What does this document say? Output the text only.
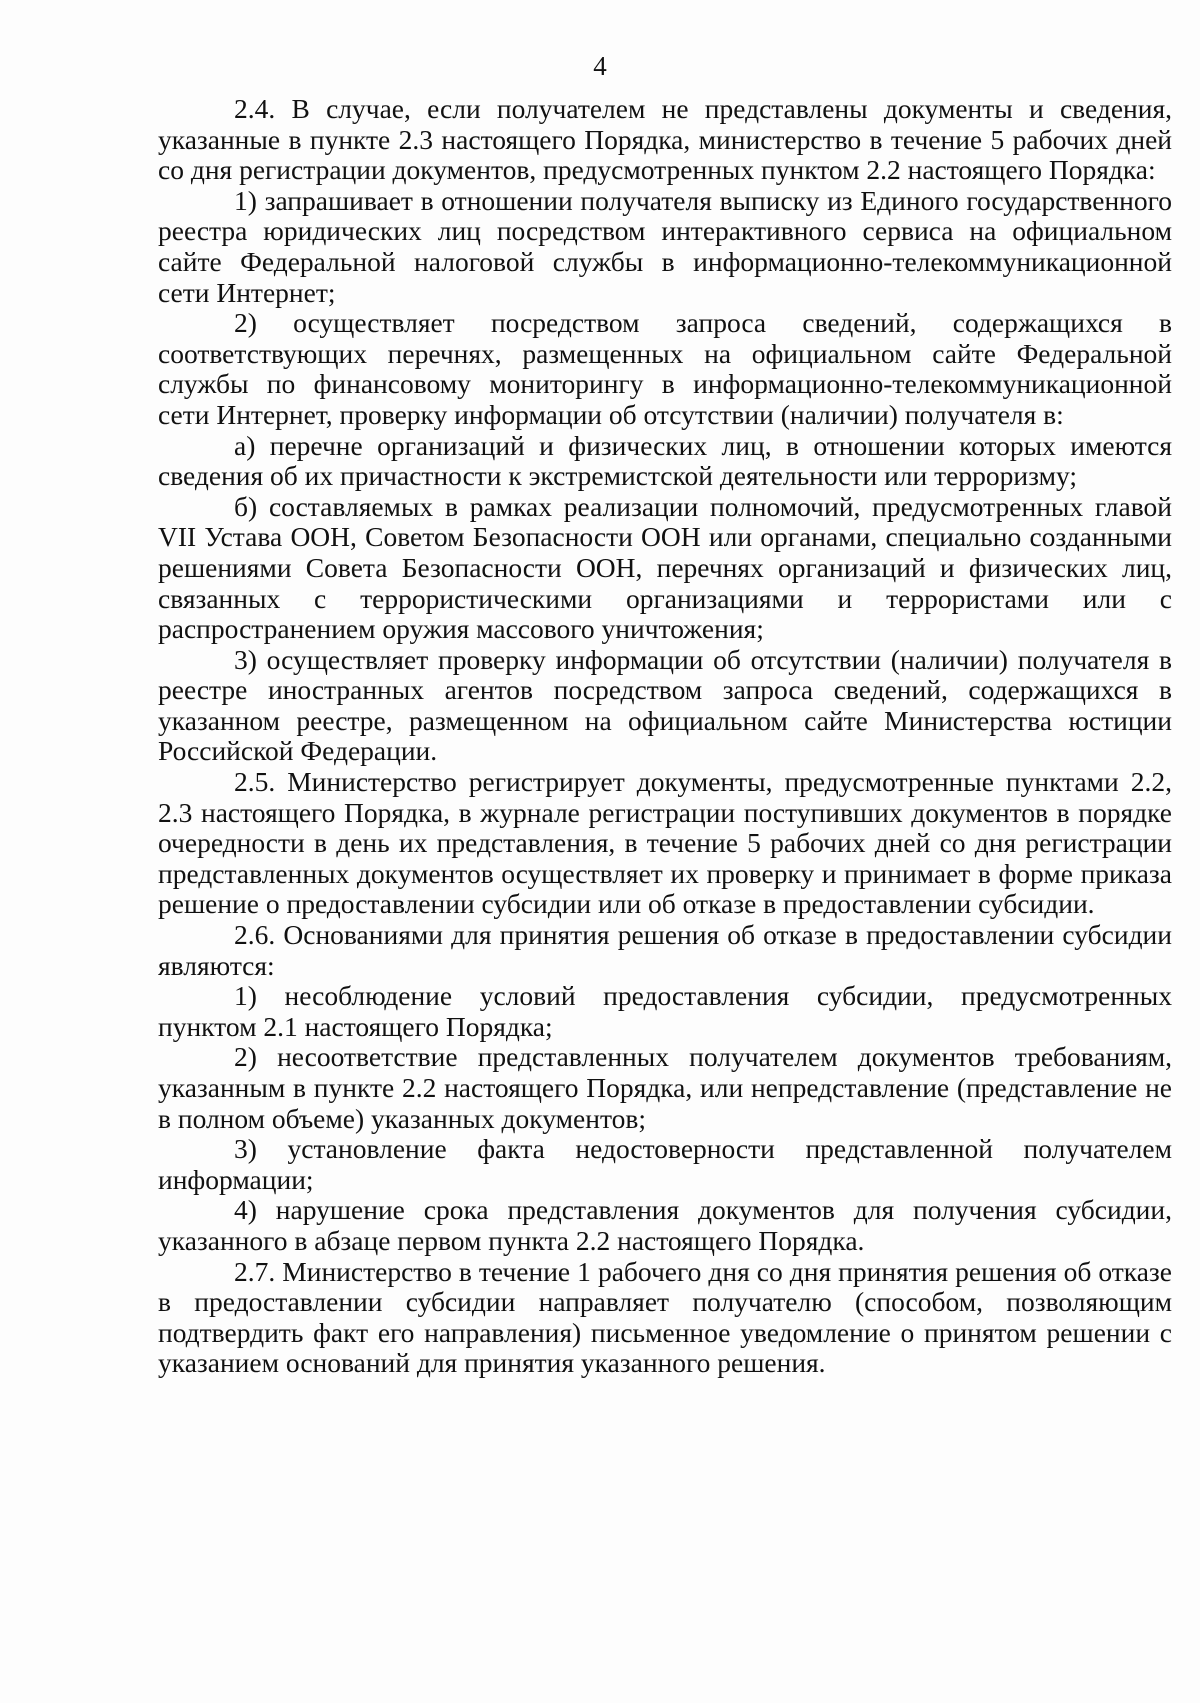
4

2.4. В случае, если получателем не представлены документы и сведения, указанные в пункте 2.3 настоящего Порядка, министерство в течение 5 рабочих дней со дня регистрации документов, предусмотренных пунктом 2.2 настоящего Порядка:

1) запрашивает в отношении получателя выписку из Единого государственного реестра юридических лиц посредством интерактивного сервиса на официальном сайте Федеральной налоговой службы в информационно-телекоммуникационной сети Интернет;

2) осуществляет посредством запроса сведений, содержащихся в соответствующих перечнях, размещенных на официальном сайте Федеральной службы по финансовому мониторингу в информационно-телекоммуникационной сети Интернет, проверку информации об отсутствии (наличии) получателя в:

а) перечне организаций и физических лиц, в отношении которых имеются сведения об их причастности к экстремистской деятельности или терроризму;

б) составляемых в рамках реализации полномочий, предусмотренных главой VII Устава ООН, Советом Безопасности ООН или органами, специально созданными решениями Совета Безопасности ООН, перечнях организаций и физических лиц, связанных с террористическими организациями и террористами или с распространением оружия массового уничтожения;

3) осуществляет проверку информации об отсутствии (наличии) получателя в реестре иностранных агентов посредством запроса сведений, содержащихся в указанном реестре, размещенном на официальном сайте Министерства юстиции Российской Федерации.

2.5. Министерство регистрирует документы, предусмотренные пунктами 2.2, 2.3 настоящего Порядка, в журнале регистрации поступивших документов в порядке очередности в день их представления, в течение 5 рабочих дней со дня регистрации представленных документов осуществляет их проверку и принимает в форме приказа решение о предоставлении субсидии или об отказе в предоставлении субсидии.

2.6. Основаниями для принятия решения об отказе в предоставлении субсидии являются:

1) несоблюдение условий предоставления субсидии, предусмотренных пунктом 2.1 настоящего Порядка;

2) несоответствие представленных получателем документов требованиям, указанным в пункте 2.2 настоящего Порядка, или непредставление (представление не в полном объеме) указанных документов;

3) установление факта недостоверности представленной получателем информации;

4) нарушение срока представления документов для получения субсидии, указанного в абзаце первом пункта 2.2 настоящего Порядка.

2.7. Министерство в течение 1 рабочего дня со дня принятия решения об отказе в предоставлении субсидии направляет получателю (способом, позволяющим подтвердить факт его направления) письменное уведомление о принятом решении с указанием оснований для принятия указанного решения.
